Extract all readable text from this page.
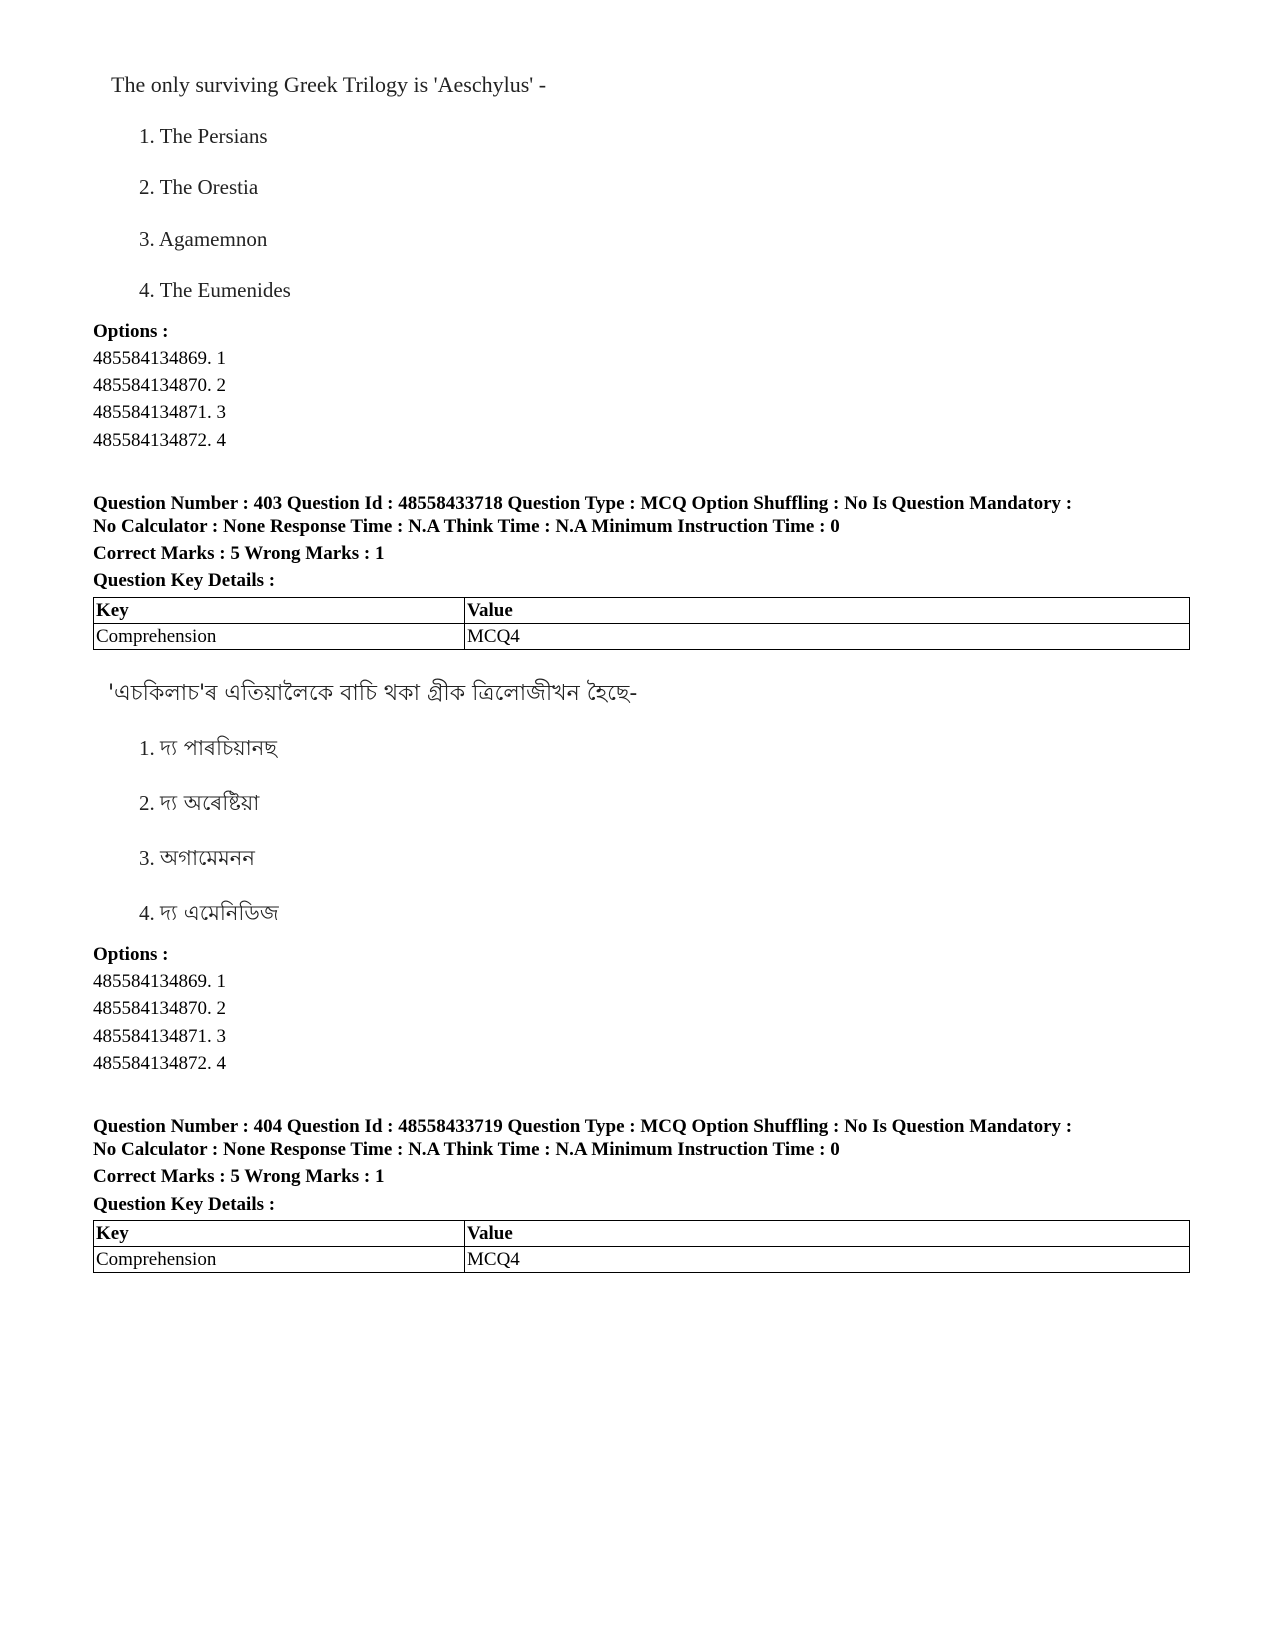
The only surviving Greek Trilogy is 'Aeschylus' -
1. The Persians
2. The Orestia
3. Agamemnon
4. The Eumenides
Options :
485584134869. 1
485584134870. 2
485584134871. 3
485584134872. 4
Question Number : 403 Question Id : 48558433718 Question Type : MCQ Option Shuffling : No Is Question Mandatory :
No Calculator : None Response Time : N.A Think Time : N.A Minimum Instruction Time : 0
Correct Marks : 5 Wrong Marks : 1
Question Key Details :
Key	Value
Comprehension	MCQ4
'এচকিলাচ'ৰ এতিয়ালৈকে বাচি থকা গ্ৰীক ত্ৰিলোজীখন হৈছে-
1. দ্য পাৰচিয়ানছ
2. দ্য অৰেষ্টিয়া
3. অগামেমনন
4. দ্য এমেনিডিজ
Options :
485584134869. 1
485584134870. 2
485584134871. 3
485584134872. 4
Question Number : 404 Question Id : 48558433719 Question Type : MCQ Option Shuffling : No Is Question Mandatory :
No Calculator : None Response Time : N.A Think Time : N.A Minimum Instruction Time : 0
Correct Marks : 5 Wrong Marks : 1
Question Key Details :
Key	Value
Comprehension	MCQ4
